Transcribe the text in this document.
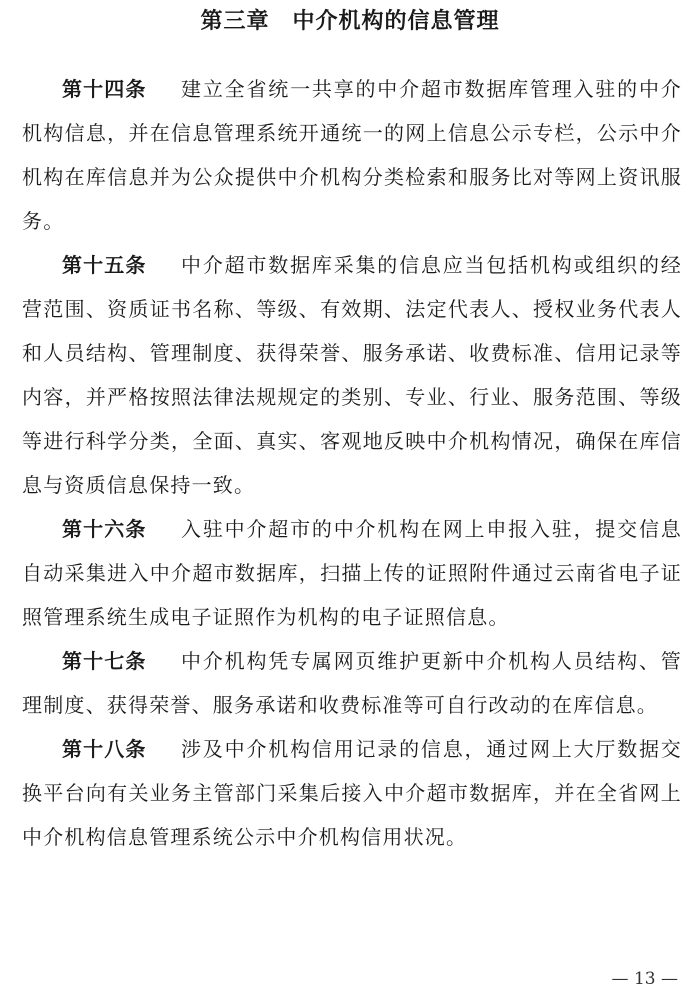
第三章　中介机构的信息管理

第十四条 建立全省统一共享的中介超市数据库管理入驻的中介机构信息，并在信息管理系统开通统一的网上信息公示专栏，公示中介机构在库信息并为公众提供中介机构分类检索和服务比对等网上资讯服务。

第十五条 中介超市数据库采集的信息应当包括机构或组织的经营范围、资质证书名称、等级、有效期、法定代表人、授权业务代表人和人员结构、管理制度、获得荣誉、服务承诺、收费标准、信用记录等内容，并严格按照法律法规规定的类别、专业、行业、服务范围、等级等进行科学分类，全面、真实、客观地反映中介机构情况，确保在库信息与资质信息保持一致。

第十六条 入驻中介超市的中介机构在网上申报入驻，提交信息自动采集进入中介超市数据库，扫描上传的证照附件通过云南省电子证照管理系统生成电子证照作为机构的电子证照信息。

第十七条 中介机构凭专属网页维护更新中介机构人员结构、管理制度、获得荣誉、服务承诺和收费标准等可自行改动的在库信息。

第十八条 涉及中介机构信用记录的信息，通过网上大厅数据交换平台向有关业务主管部门采集后接入中介超市数据库，并在全省网上中介机构信息管理系统公示中介机构信用状况。

— 13 —
